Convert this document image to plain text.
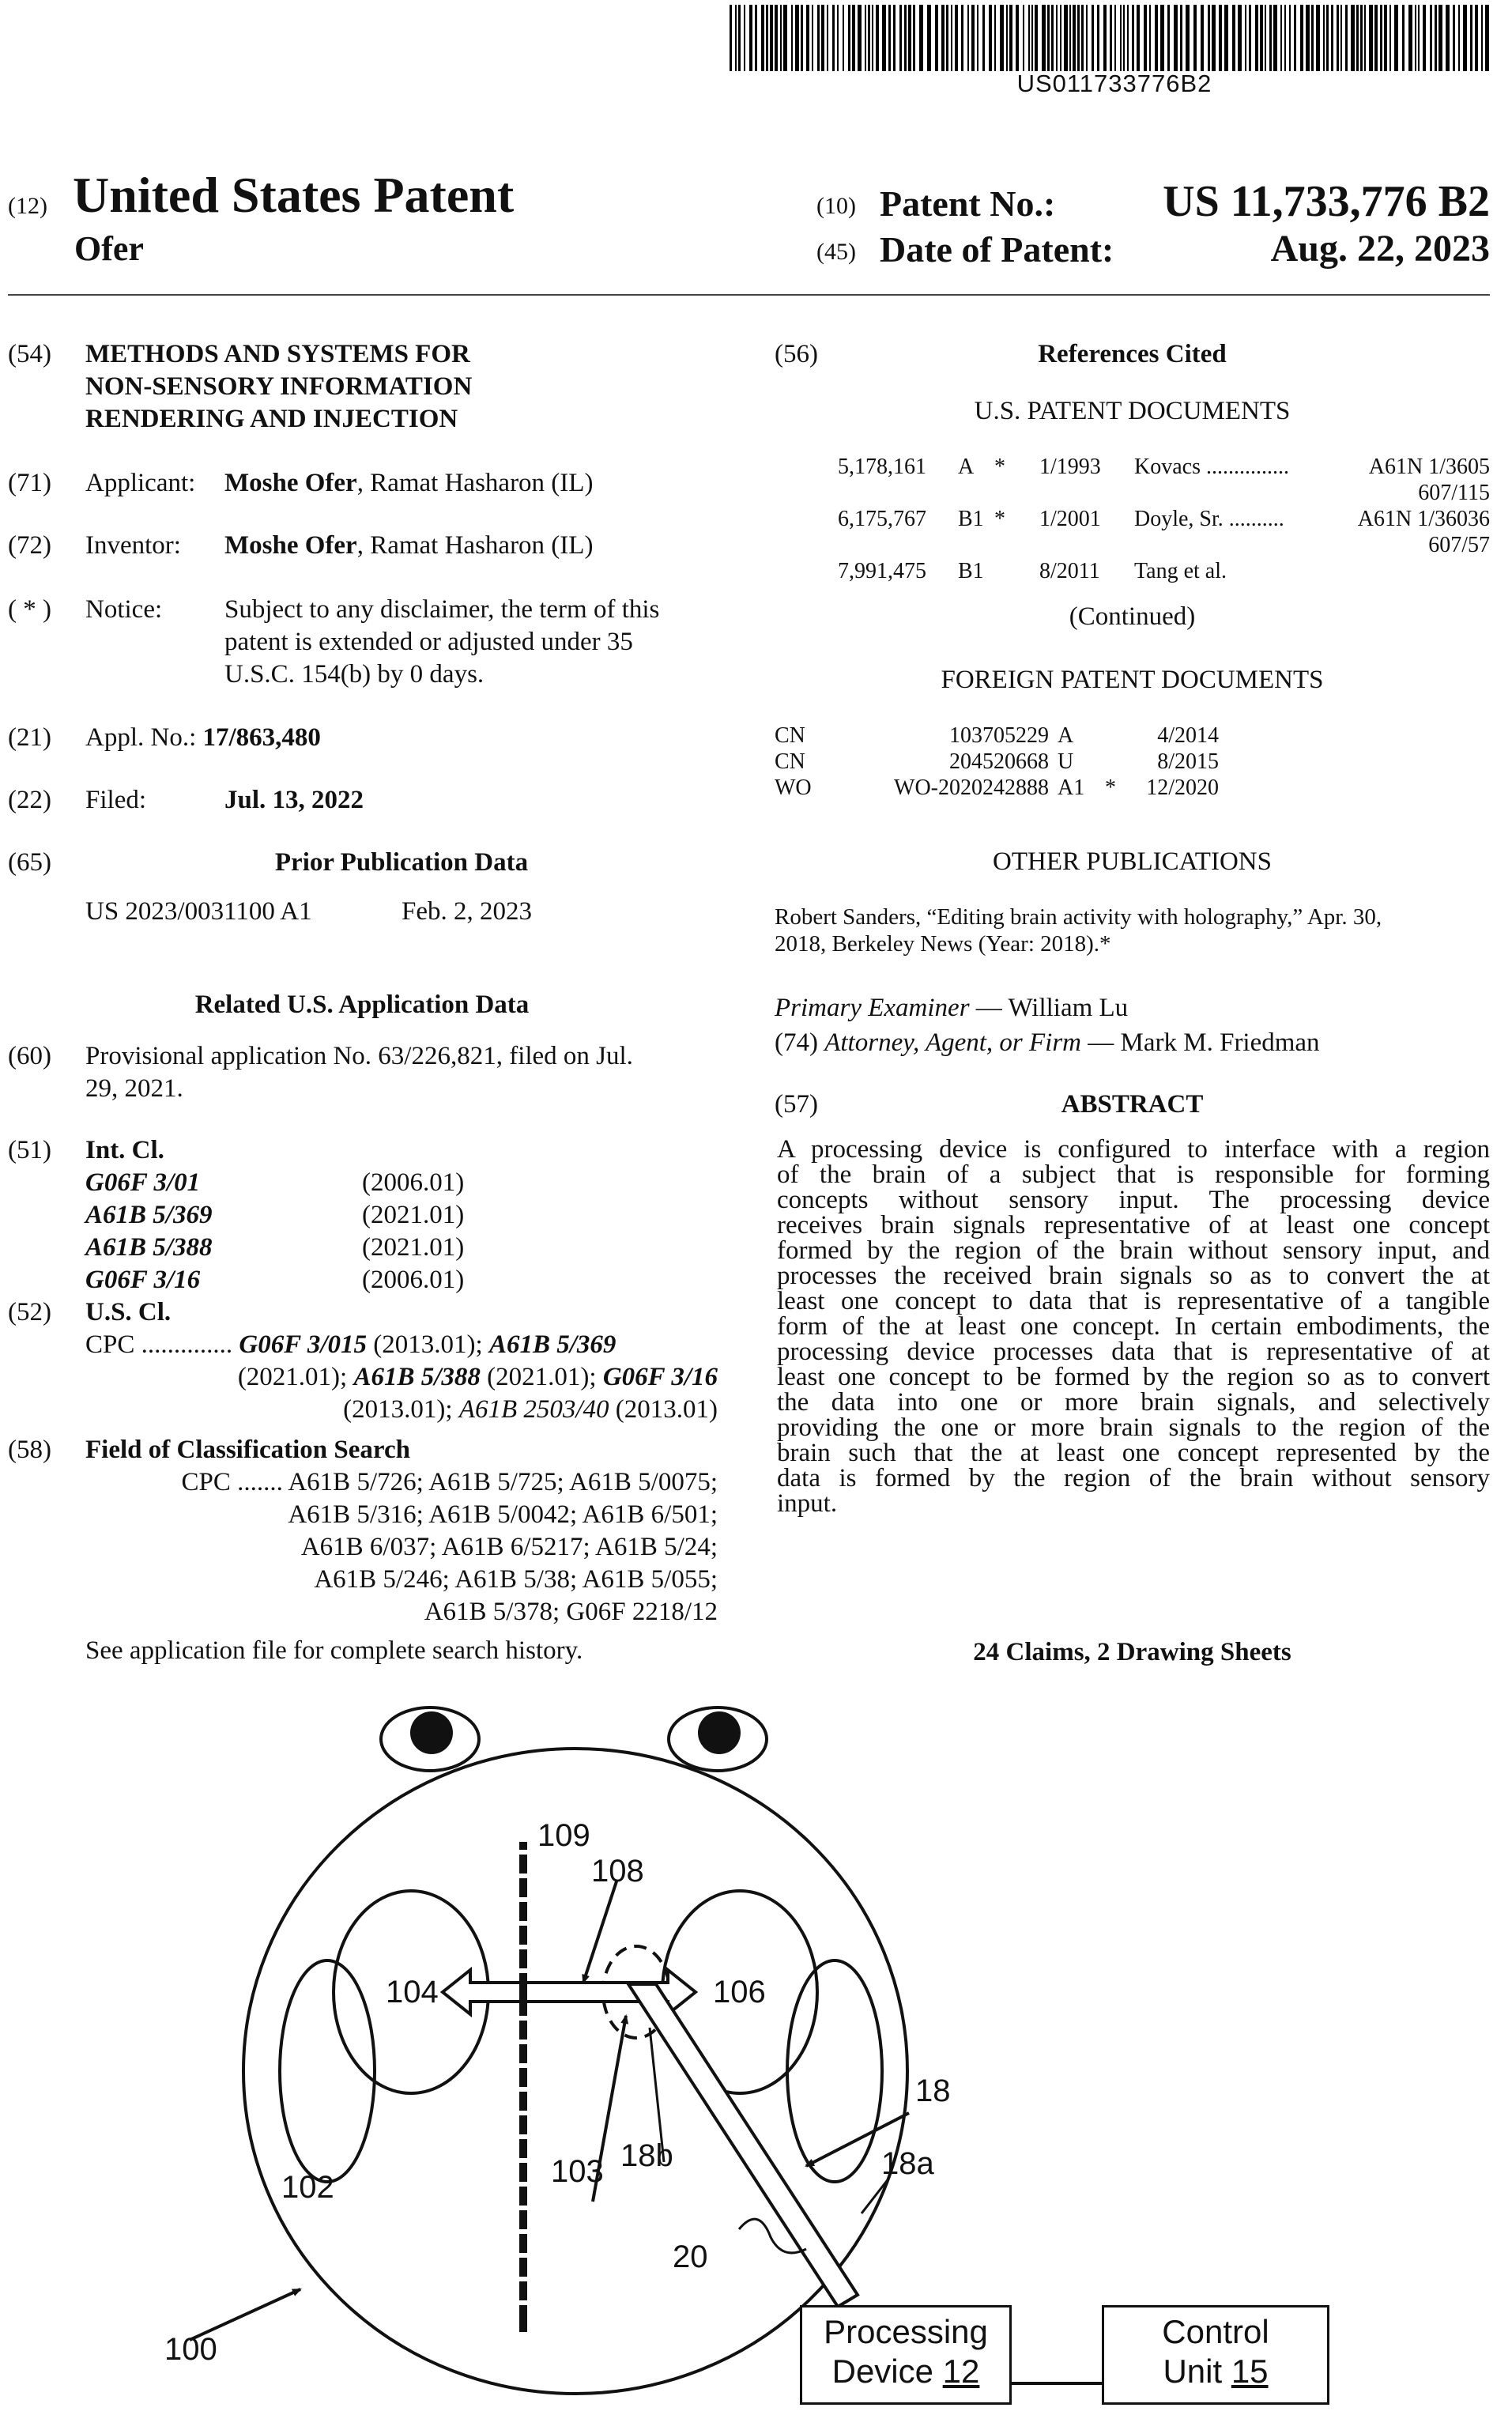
US011733776B2
(12) United States Patent
Ofer
(10) Patent No.:	US 11,733,776 B2
(45) Date of Patent:	Aug. 22, 2023
(54) METHODS AND SYSTEMS FOR
NON-SENSORY INFORMATION
RENDERING AND INJECTION
(71) Applicant: Moshe Ofer, Ramat Hasharon (IL)
(72) Inventor: Moshe Ofer, Ramat Hasharon (IL)
( * ) Notice: Subject to any disclaimer, the term of this
patent is extended or adjusted under 35
U.S.C. 154(b) by 0 days.
(21) Appl. No.: 17/863,480
(22) Filed:	Jul. 13, 2022
(65)	Prior Publication Data
US 2023/0031100 A1	Feb. 2, 2023
Related U.S. Application Data
(60) Provisional application No. 63/226,821, filed on Jul.
29, 2021.
(51) Int. Cl.
G06F 3/01	(2006.01)
A61B 5/369	(2021.01)
A61B 5/388	(2021.01)
G06F 3/16	(2006.01)
(52) U.S. Cl.
CPC .............. G06F 3/015 (2013.01); A61B 5/369
(2021.01); A61B 5/388 (2021.01); G06F 3/16
(2013.01); A61B 2503/40 (2013.01)
(58) Field of Classification Search
CPC ....... A61B 5/726; A61B 5/725; A61B 5/0075;
A61B 5/316; A61B 5/0042; A61B 6/501;
A61B 6/037; A61B 6/5217; A61B 5/24;
A61B 5/246; A61B 5/38; A61B 5/055;
A61B 5/378; G06F 2218/12
See application file for complete search history.
(56)	References Cited
U.S. PATENT DOCUMENTS
5,178,161 A * 1/1993 Kovacs ...............	A61N 1/3605
607/115
6,175,767 B1 * 1/2001 Doyle, Sr. ..........	A61N 1/36036
607/57
7,991,475 B1	8/2011 Tang et al.
(Continued)
FOREIGN PATENT DOCUMENTS
CN	103705229 A	4/2014
CN	204520668 U	8/2015
WO	WO-2020242888 A1 *	12/2020
OTHER PUBLICATIONS
Robert Sanders, “Editing brain activity with holography,” Apr. 30,
2018, Berkeley News (Year: 2018).*
Primary Examiner — William Lu
(74) Attorney, Agent, or Firm — Mark M. Friedman
(57)	ABSTRACT
A processing device is configured to interface with a region
of the brain of a subject that is responsible for forming
concepts without sensory input. The processing device
receives brain signals representative of at least one concept
formed by the region of the brain without sensory input, and
processes the received brain signals so as to convert the at
least one concept to data that is representative of a tangible
form of the at least one concept. In certain embodiments, the
processing device processes data that is representative of at
least one concept to be formed by the region so as to convert
the data into one or more brain signals, and selectively
providing the one or more brain signals to the region of the
brain such that the at least one concept represented by the
data is formed by the region of the brain without sensory
input.
24 Claims, 2 Drawing Sheets
109
108
104	106
18
18a
18b
103
102
20
100	Processing
Device 12
Control
Unit 15
